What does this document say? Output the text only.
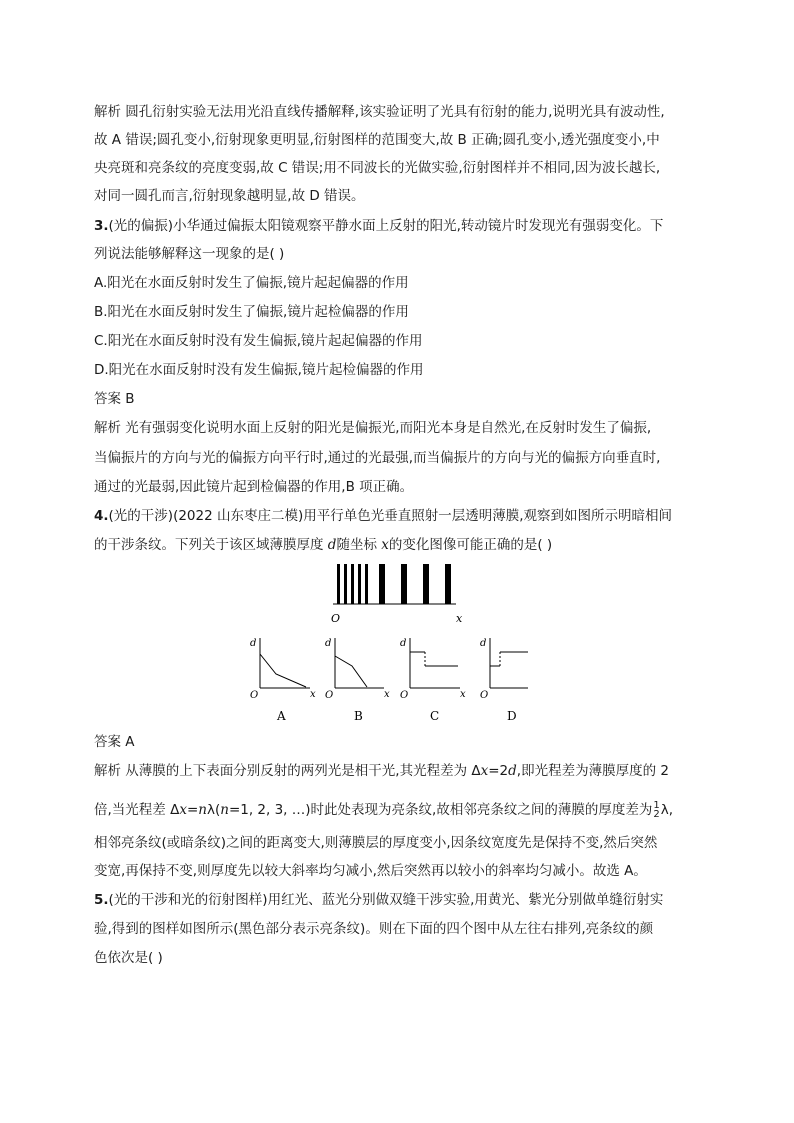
解析 圆孔衍射实验无法用光沿直线传播解释,该实验证明了光具有衍射的能力,说明光具有波动性,
故 A 错误;圆孔变小,衍射现象更明显,衍射图样的范围变大,故 B 正确;圆孔变小,透光强度变小,中
央亮斑和亮条纹的亮度变弱,故 C 错误;用不同波长的光做实验,衍射图样并不相同,因为波长越长,
对同一圆孔而言,衍射现象越明显,故 D 错误。
3.(光的偏振)小华通过偏振太阳镜观察平静水面上反射的阳光,转动镜片时发现光有强弱变化。下
列说法能够解释这一现象的是( )
A.阳光在水面反射时发生了偏振,镜片起起偏器的作用
B.阳光在水面反射时发生了偏振,镜片起检偏器的作用
C.阳光在水面反射时没有发生偏振,镜片起起偏器的作用
D.阳光在水面反射时没有发生偏振,镜片起检偏器的作用
答案 B
解析 光有强弱变化说明水面上反射的阳光是偏振光,而阳光本身是自然光,在反射时发生了偏振,
当偏振片的方向与光的偏振方向平行时,通过的光最强,而当偏振片的方向与光的偏振方向垂直时,
通过的光最弱,因此镜片起到检偏器的作用,B 项正确。
4.(光的干涉)(2022 山东枣庄二模)用平行单色光垂直照射一层透明薄膜,观察到如图所示明暗相间
的干涉条纹。下列关于该区域薄膜厚度 d随坐标 x的变化图像可能正确的是( )
O	x
d
O	x
d
O	x
d
O	x
d
O
A	B	C	D
答案 A
解析 从薄膜的上下表面分别反射的两列光是相干光,其光程差为 Δx=2d,即光程差为薄膜厚度的 2
倍,当光程差 Δx=nλ(n=1, 2, 3, …)时此处表现为亮条纹,故相邻亮条纹之间的薄膜的厚度差为 1
2 λ,
相邻亮条纹(或暗条纹)之间的距离变大,则薄膜层的厚度变小,因条纹宽度先是保持不变,然后突然
变宽,再保持不变,则厚度先以较大斜率均匀减小,然后突然再以较小的斜率均匀减小。故选 A。
5.(光的干涉和光的衍射图样)用红光、蓝光分别做双缝干涉实验,用黄光、紫光分别做单缝衍射实
验,得到的图样如图所示(黑色部分表示亮条纹)。则在下面的四个图中从左往右排列,亮条纹的颜
色依次是( )
